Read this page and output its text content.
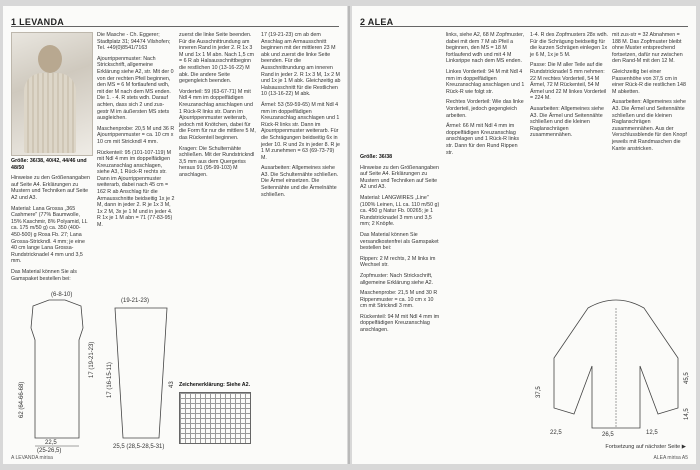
1 LEVANDA

Größe: 36/38, 40/42, 44/46 und 48/50

Hinweise zu den Größenangaben auf Seite A4. Erklärungen zu Mustern und Techniken auf Seite A2 und A3.

Material: Lana Grossa „365 Cashmere" (77% Baumwolle, 15% Kaschmir, 8% Polyamid, LL ca. 175 m/50 g) ca. 350 (400-450-500) g Rosa Fb. 27; Lana Grossa-Strickndl. 4 mm; je eine 40 cm lange Lana Grossa-Rundstricknadel 4 mm und 3,5 mm.

Das Material können Sie als Gamspaket bestellen bei:

Die Masche - Ch. Eggerer; Stadtplatz 31; 94474 Vilshofen; Tel. +49(0)8541/7163

Ajourrippenmuster: Nach Strickschrift, allgemeine Erklärung siehe A2, str. Mit der 0 von der rechten Pfeil beginnen, den MS = 6 M fortlaufend wdh, mit der M nach dem MS enden. Die 1. - 4. R stets wdh. Darauf achten, dass sich 2 und zus-gestr M im äußersten MS stets ausgleichen.

Maschenprobe: 20,5 M und 36 R Ajourrippenmuster = ca. 10 cm x 10 cm mit Strickndl 4 mm.

Rückenteil: 95 (101-107-119) M mit Ndl 4 mm im doppelfädigen Kreuzanschlag anschlagen, siehe A3, 1 Rück-R rechts str. Dann im Ajourrippenmuster weiterarb, dabei nach 45 cm = 162 R ab Anschlag für die Armausschnitte beidseitig 1x je 2 M, dann in jeder 2. R je 1x 3 M, 1x 2 M, 3x je 1 M und in jeder 4. R 1x je 1 M abn = 71 (77-83-95) M.

zuerst die linke Seite beenden. Für die Ausschnittrundung am inneren Rand in jeder 2. R 1x 3 M und 1x 1 M abn. Nach 1,5 cm = 6 R ab Halsausschnittbeginn die restlichen 10 (13-16-22) M abk. Die andere Seite gegengleich beenden.

Vorderteil: 59 (63-67-71) M mit Ndl 4 mm im doppelfädigen Kreuzanschlag anschlagen und 1 Rück-R links str. Dann im Ajourrippenmuster weiterarb, jedoch mit Knötchen, dabei für die Form für nur die mittlere 5 M, das Rückenteil beginnen.

Kragen: Die Schulternähte schließen. Mit der Rundstrickndl 3,5 mm aus dem Quergeriss heraus 91 (95-99-103) M anschlagen.

17 (19-21-23) cm ab dem Anschlag am Armausschnitt beginnen mit der mittleren 23 M abk und zuerst die linke Seite beenden. Für die Ausschnittrundung am inneren Rand in jeder 2. R 1x 3 M, 1x 2 M und 1x je 1 M abk. Gleichzeitig ab Halsausschnitt für die Restlichen 10 (13-16-22) M abk.

Ärmel: 53 (59-59-65) M mit Ndl 4 mm im doppelfädigen Kreuzanschlag anschlagen und 1 Rück-R links str. Dann im Ajourrippenmuster weiterarb. Für die Schrägungen beidseitig 6x in jeder 10. R und 2x in jeder 8. R je 1 M zunehmen = 63 (69-73-79) M.

Ausarbeiten: Allgemeines siehe A3. Die Schulternähte schließen. Die Ärmel einsetzen. Die Seitennähte und die Ärmelnähte schließen.

22,5
(25-26,5)
62 (64-66-68)
17 (19-21-23)
(6-8-10)
(19-21-23)
43
25,5 (28,5-28,5-31)
17 (16-15-11)	Zeichenerklärung: Siehe A2.
A LEVANDA mirisa
2 ALEA

Größe: 36/38

Hinweise zu den Größenangaben auf Seite A4. Erklärungen zu Mustern und Techniken auf Seite A2 und A3.

Material: LANGWIRES „Line" (100% Leinen, LL ca. 110 m/50 g) ca. 450 g Natur Fb. 00265; je 1 Rundstricknadel 3 mm und 3,5 mm; 2 Knöpfe.

Das Material können Sie versandkostenfrei als Gamspaket bestellen bei:

Rippen: 2 M rechts, 2 M links im Wechsel str.

Zopfmuster: Nach Strickschrift, allgemeine Erklärung siehe A2.

Maschenprobe: 21,5 M und 30 R Rippenmuster = ca. 10 cm x 10 cm mit Strickndl 3 mm.

Rückenteil: 94 M mit Ndl 4 mm im doppelfädigen Kreuzanschlag anschlagen.

links, siehe A2, 68 M Zopfmuster, dabei mit dem 7 M ab Pfeil a beginnen, den MS = 18 M fortlaufend wdh und mit 4 M Linksrippe nach dem MS enden.

Linkes Vorderteil: 94 M mit Ndl 4 mm im doppelfädigen Kreuzanschlag anschlagen und 1 Rück-R wie folgt str.

Rechtes Vorderteil: Wie das linke Vorderteil, jedoch gegengleich arbeiten.

Ärmel: 66 M mit Ndl 4 mm im doppelfädigen Kreuzanschlag anschlagen und 1 Rück-R links str. Dann für den Rund Rippen str.

1-4. R des Zopfmusters 28x wdh. Für die Schrägung beidseitig für die kurzen Schrägen einlegen 1x je 6 M, 1x je 5 M.

Passe: Die M aller Teile auf die Rundstricknadel 5 mm nehmen: 22 M rechtes Vorderteil, 54 M Ärmel, 72 M Rückenteil, 54 M Ärmel und 22 M linkes Vorderteil = 224 M.

Ausarbeiten: Allgemeines siehe A3. Die Ärmel und Seitennähte schließen und die kleinen Raglanschrägen zusammennähen.

mit zus-str = 32 Abnahmen = 188 M. Das Zopfmuster bleibt ohne Muster entsprechend fortsetzen, dafür nur zwischen den Rand-M mit den 12 M.

Gleichzeitig bei einer Passenhöhe von 37,5 cm in einer Rück-R die restlichen 148 M abketten.

Ausarbeiten: Allgemeines siehe A3. Die Ärmel und Seitennähte schließen und die kleinen Raglanschrägen zusammennähen. Aus der Verschlussblende für den Knopf jeweils mit Randmaschen die Kante anstricken.

22,5	26,5	12,5
37,5
45,5
14,5
Fortsetzung auf nächster Seite ▶
ALEA mirisa A5
